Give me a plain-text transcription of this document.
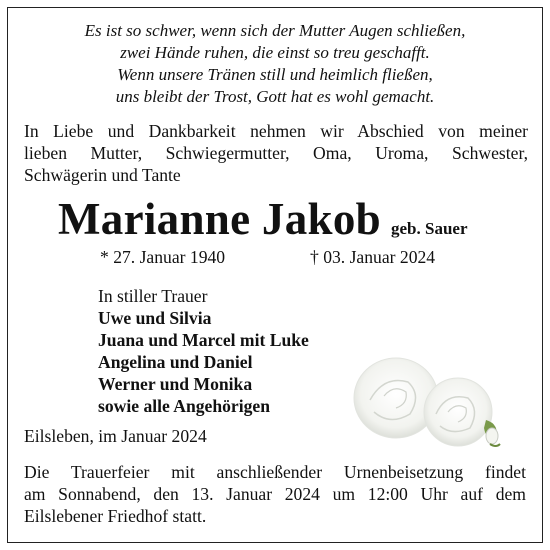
Es ist so schwer, wenn sich der Mutter Augen schließen,
zwei Hände ruhen, die einst so treu geschafft.
Wenn unsere Tränen still und heimlich fließen,
uns bleibt der Trost, Gott hat es wohl gemacht.
In Liebe und Dankbarkeit nehmen wir Abschied von meiner
lieben Mutter, Schwiegermutter, Oma, Uroma, Schwester,
Schwägerin und Tante
Marianne Jakob geb. Sauer
* 27. Januar 1940	† 03. Januar 2024
In stiller Trauer
Uwe und Silvia
Juana und Marcel mit Luke
Angelina und Daniel
Werner und Monika
sowie alle Angehörigen
Eilsleben, im Januar 2024
Die Trauerfeier mit anschließender Urnenbeisetzung findet
am Sonnabend, den 13. Januar 2024 um 12:00 Uhr auf dem
Eilslebener Friedhof statt.
